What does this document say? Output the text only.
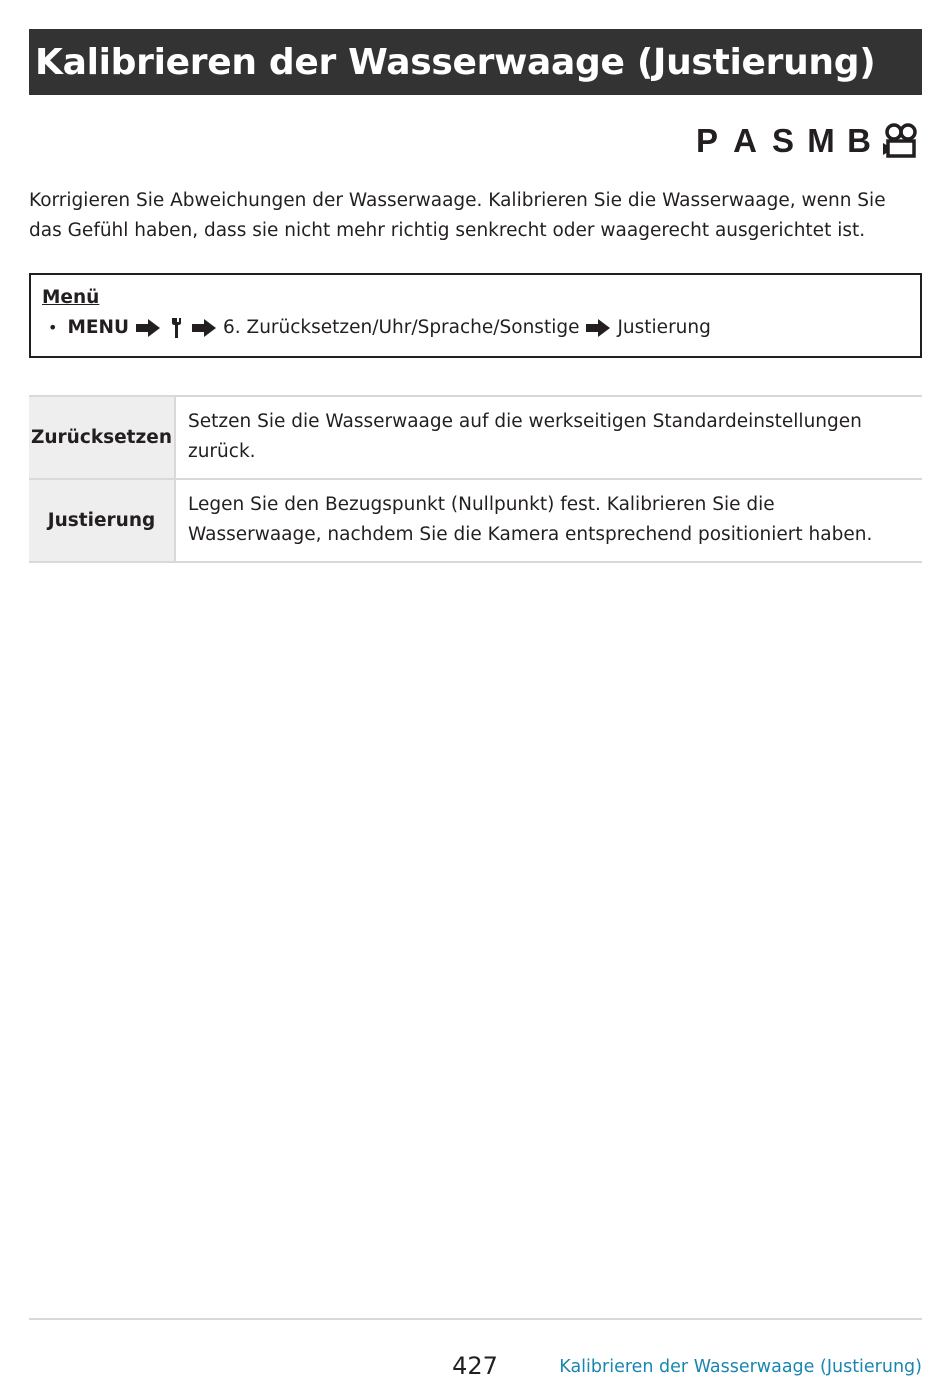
Kalibrieren der Wasserwaage (Justierung)
P A S M B

Korrigieren Sie Abweichungen der Wasserwaage. Kalibrieren Sie die Wasserwaage, wenn Sie das Gefühl haben, dass sie nicht mehr richtig senkrecht oder waagerecht ausgerichtet ist.

Menü
• MENU	6. Zurücksetzen/Uhr/Sprache/Sonstige Justierung
Zurücksetzen	Setzen Sie die Wasserwaage auf die werkseitigen Standardeinstellungen zurück.
Justierung	Legen Sie den Bezugspunkt (Nullpunkt) fest. Kalibrieren Sie die Wasserwaage, nachdem Sie die Kamera entsprechend positioniert haben.
427	Kalibrieren der Wasserwaage (Justierung)
